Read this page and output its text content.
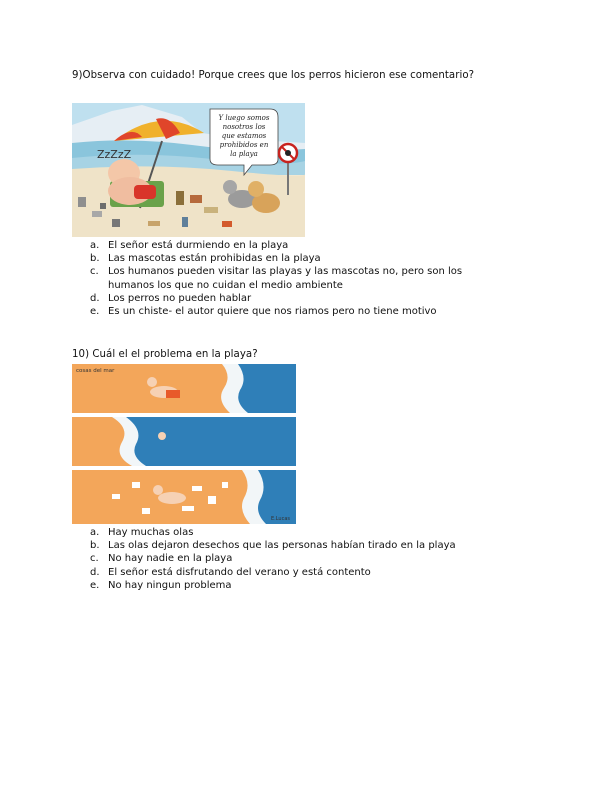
9)Observa con cuidado! Porque crees que los perros hicieron ese comentario?
ZzZzZ
Y luego somos
nosotros los
que estamos
prohibidos en
la playa
a. El señor está durmiendo en la playa
b. Las mascotas están prohibidas en la playa
c. Los humanos pueden visitar las playas y las mascotas no, pero son los
humanos los que no cuidan el medio ambiente
d. Los perros no pueden hablar
e. Es un chiste- el autor quiere que nos riamos pero no tiene motivo
10) Cuál el el problema en la playa?
cosas del mar
E.Lucas
a. Hay muchas olas
b. Las olas dejaron desechos que las personas habían tirado en la playa
c. No hay nadie en la playa
d. El señor está disfrutando del verano y está contento
e. No hay ningun problema
